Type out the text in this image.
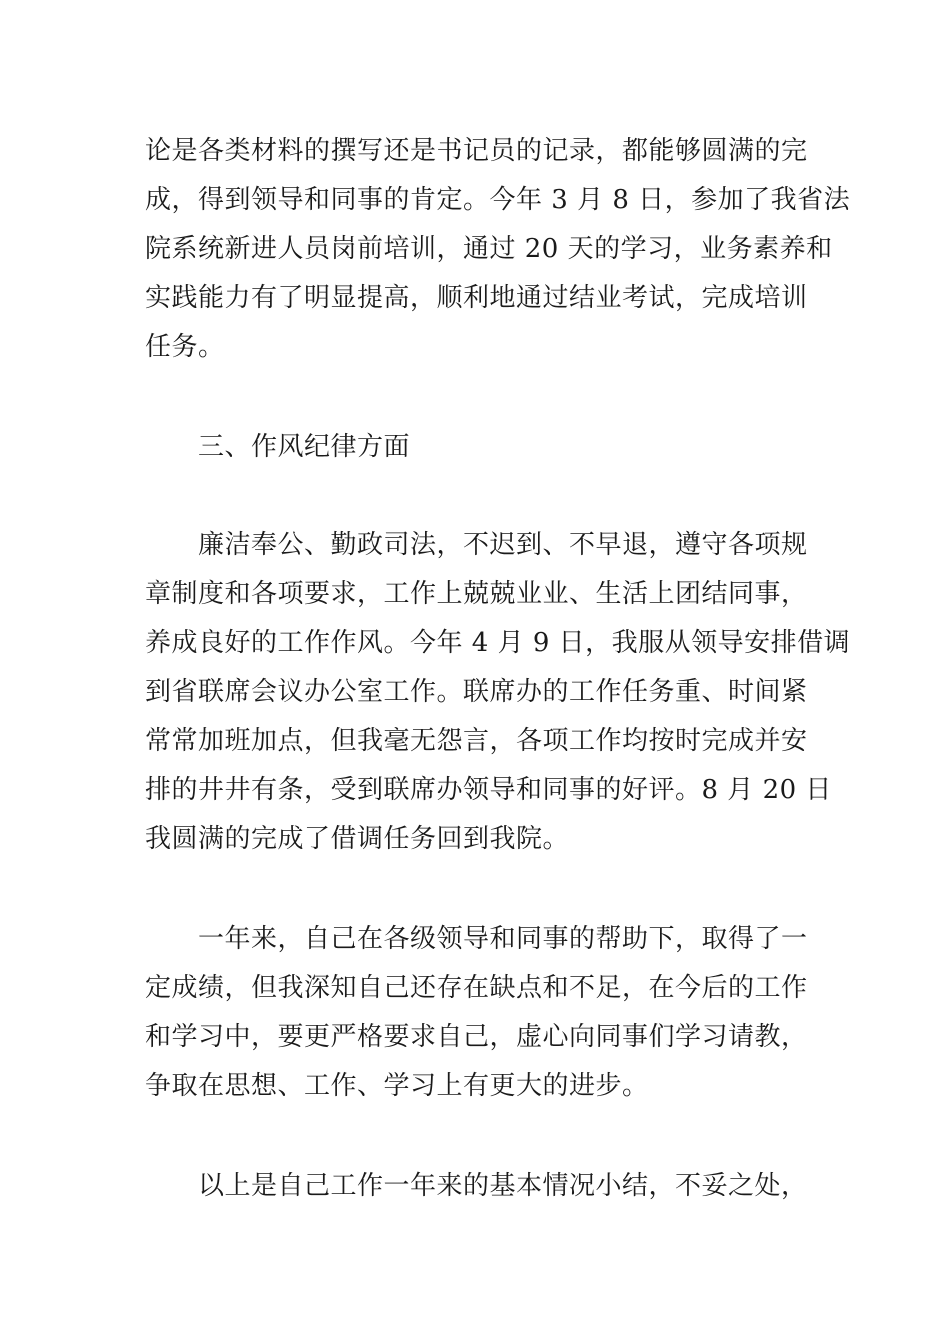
论是各类材料的撰写还是书记员的记录，都能够圆满的完
成，得到领导和同事的肯定。今年 3 月 8 日，参加了我省法
院系统新进人员岗前培训，通过 20 天的学习，业务素养和
实践能力有了明显提高，顺利地通过结业考试，完成培训
任务。
三、作风纪律方面
廉洁奉公、勤政司法，不迟到、不早退，遵守各项规
章制度和各项要求，工作上兢兢业业、生活上团结同事，
养成良好的工作作风。今年 4 月 9 日，我服从领导安排借调
到省联席会议办公室工作。联席办的工作任务重、时间紧
常常加班加点，但我毫无怨言，各项工作均按时完成并安
排的井井有条，受到联席办领导和同事的好评。8 月 20 日
我圆满的完成了借调任务回到我院。
一年来，自己在各级领导和同事的帮助下，取得了一
定成绩，但我深知自己还存在缺点和不足，在今后的工作
和学习中，要更严格要求自己，虚心向同事们学习请教，
争取在思想、工作、学习上有更大的进步。
以上是自己工作一年来的基本情况小结，不妥之处，
